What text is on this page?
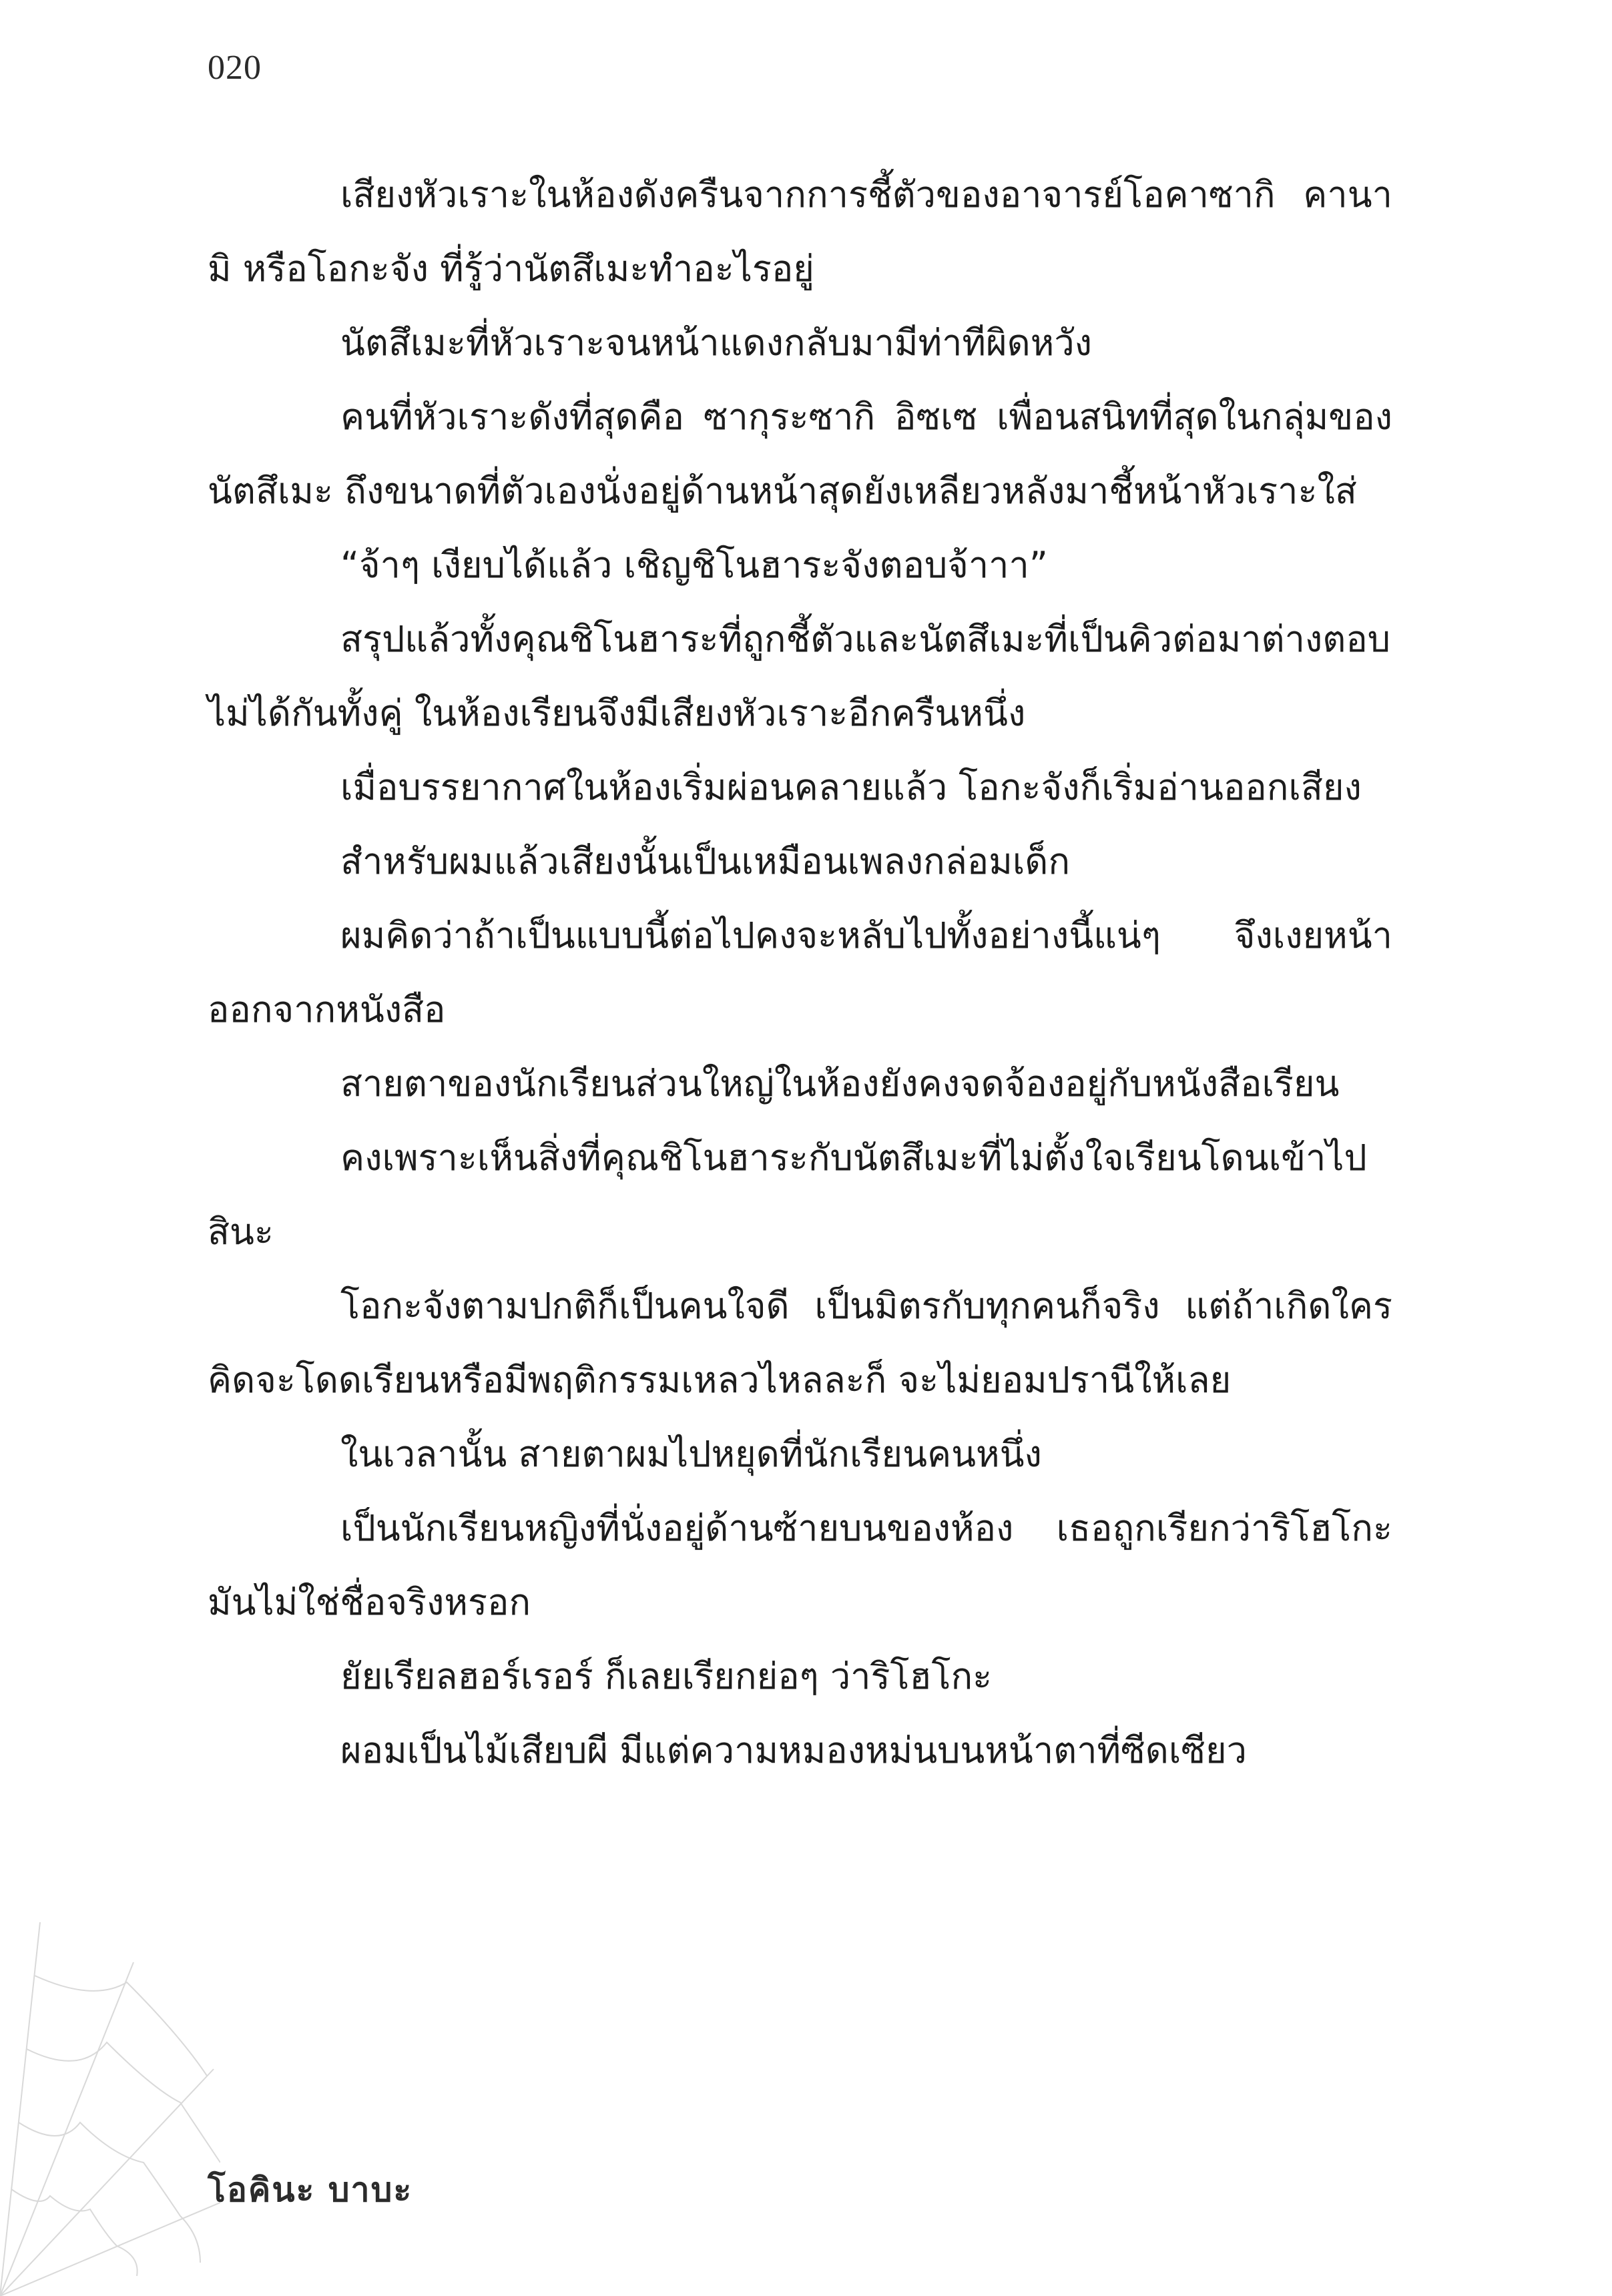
020

เสียงหัวเราะในห้องดังครืนจากการชี้ตัวของอาจารย์โอคาซากิ คานามิ หรือโอกะจัง ที่รู้ว่านัตสึเมะทำอะไรอยู่

นัตสึเมะที่หัวเราะจนหน้าแดงกลับมามีท่าทีผิดหวัง

คนที่หัวเราะดังที่สุดคือ ซากุระซากิ อิซเซ เพื่อนสนิทที่สุดในกลุ่มของนัตสึเมะ ถึงขนาดที่ตัวเองนั่งอยู่ด้านหน้าสุดยังเหลียวหลังมาชี้หน้าหัวเราะใส่

“จ้าๆ เงียบได้แล้ว เชิญชิโนฮาระจังตอบจ้าาา”

สรุปแล้วทั้งคุณชิโนฮาระที่ถูกชี้ตัวและนัตสึเมะที่เป็นคิวต่อมาต่างตอบไม่ได้กันทั้งคู่ ในห้องเรียนจึงมีเสียงหัวเราะอีกครืนหนึ่ง

เมื่อบรรยากาศในห้องเริ่มผ่อนคลายแล้ว โอกะจังก็เริ่มอ่านออกเสียง

สำหรับผมแล้วเสียงนั้นเป็นเหมือนเพลงกล่อมเด็ก

ผมคิดว่าถ้าเป็นแบบนี้ต่อไปคงจะหลับไปทั้งอย่างนี้แน่ๆ จึงเงยหน้าออกจากหนังสือ

สายตาของนักเรียนส่วนใหญ่ในห้องยังคงจดจ้องอยู่กับหนังสือเรียน

คงเพราะเห็นสิ่งที่คุณชิโนฮาระกับนัตสึเมะที่ไม่ตั้งใจเรียนโดนเข้าไปสินะ

โอกะจังตามปกติก็เป็นคนใจดี เป็นมิตรกับทุกคนก็จริง แต่ถ้าเกิดใครคิดจะโดดเรียนหรือมีพฤติกรรมเหลวไหลละก็ จะไม่ยอมปรานีให้เลย

ในเวลานั้น สายตาผมไปหยุดที่นักเรียนคนหนึ่ง

เป็นนักเรียนหญิงที่นั่งอยู่ด้านซ้ายบนของห้อง เธอถูกเรียกว่าริโฮโกะ มันไม่ใช่ชื่อจริงหรอก

ยัยเรียลฮอร์เรอร์ ก็เลยเรียกย่อๆ ว่าริโฮโกะ

ผอมเป็นไม้เสียบผี มีแต่ความหมองหม่นบนหน้าตาที่ซีดเซียว

โอคินะ บาบะ
